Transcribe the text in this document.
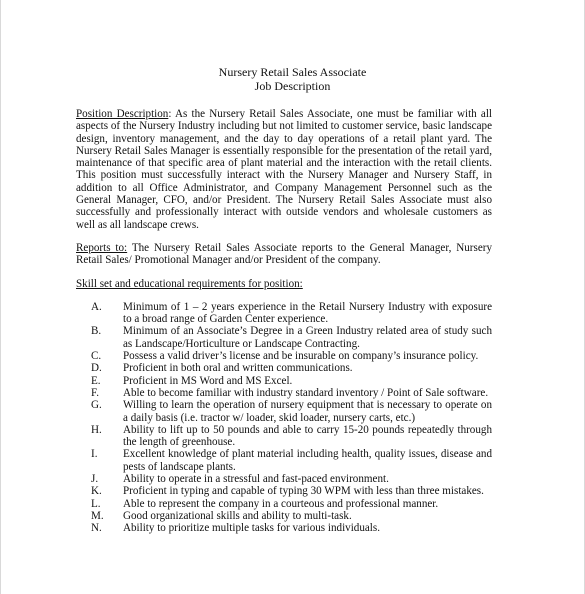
Nursery Retail Sales Associate
Job Description

Position Description: As the Nursery Retail Sales Associate, one must be familiar with all aspects of the Nursery Industry including but not limited to customer service, basic landscape design, inventory management, and the day to day operations of a retail plant yard. The Nursery Retail Sales Manager is essentially responsible for the presentation of the retail yard, maintenance of that specific area of plant material and the interaction with the retail clients. This position must successfully interact with the Nursery Manager and Nursery Staff, in addition to all Office Administrator, and Company Management Personnel such as the General Manager, CFO, and/or President. The Nursery Retail Sales Associate must also successfully and professionally interact with outside vendors and wholesale customers as well as all landscape crews.

Reports to: The Nursery Retail Sales Associate reports to the General Manager, Nursery Retail Sales/ Promotional Manager and/or President of the company.

Skill set and educational requirements for position:

A. Minimum of 1 – 2 years experience in the Retail Nursery Industry with exposure to a broad range of Garden Center experience.
B. Minimum of an Associate’s Degree in a Green Industry related area of study such as Landscape/Horticulture or Landscape Contracting.
C. Possess a valid driver’s license and be insurable on company’s insurance policy.
D. Proficient in both oral and written communications.
E. Proficient in MS Word and MS Excel.
F. Able to become familiar with industry standard inventory / Point of Sale software.
G. Willing to learn the operation of nursery equipment that is necessary to operate on a daily basis (i.e. tractor w/ loader, skid loader, nursery carts, etc.)
H. Ability to lift up to 50 pounds and able to carry 15-20 pounds repeatedly through the length of greenhouse.
I. Excellent knowledge of plant material including health, quality issues, disease and pests of landscape plants.
J. Ability to operate in a stressful and fast-paced environment.
K. Proficient in typing and capable of typing 30 WPM with less than three mistakes.
L. Able to represent the company in a courteous and professional manner.
M. Good organizational skills and ability to multi-task.
N. Ability to prioritize multiple tasks for various individuals.
